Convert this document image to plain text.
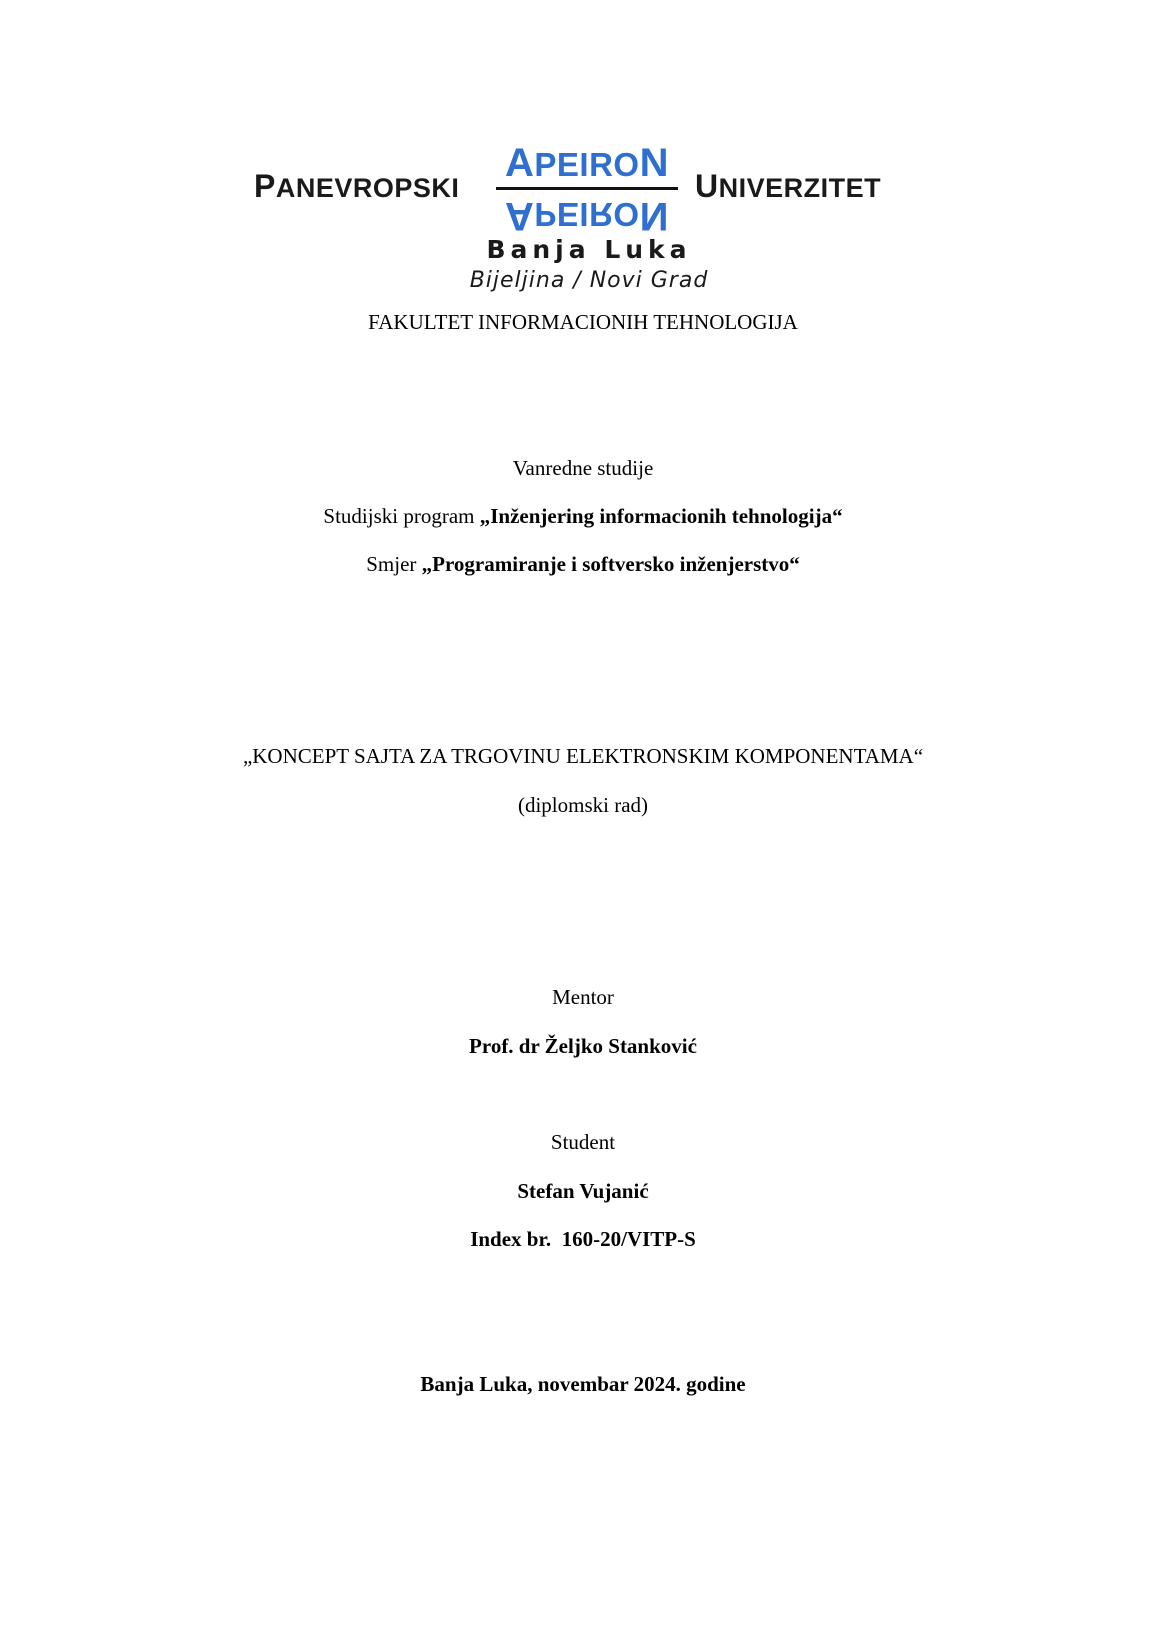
PANEVROPSKI
APEIRON
APEIRON
UNIVERZITET
Banja Luka
Bijeljina / Novi Grad
FAKULTET INFORMACIONIH TEHNOLOGIJA
Vanredne studije
Studijski program „Inženjering informacionih tehnologija“
Smjer „Programiranje i softversko inženjerstvo“
„KONCEPT SAJTA ZA TRGOVINU ELEKTRONSKIM KOMPONENTAMA“
(diplomski rad)
Mentor
Prof. dr Željko Stanković
Student
Stefan Vujanić
Index br.  160-20/VITP-S
Banja Luka, novembar 2024. godine
